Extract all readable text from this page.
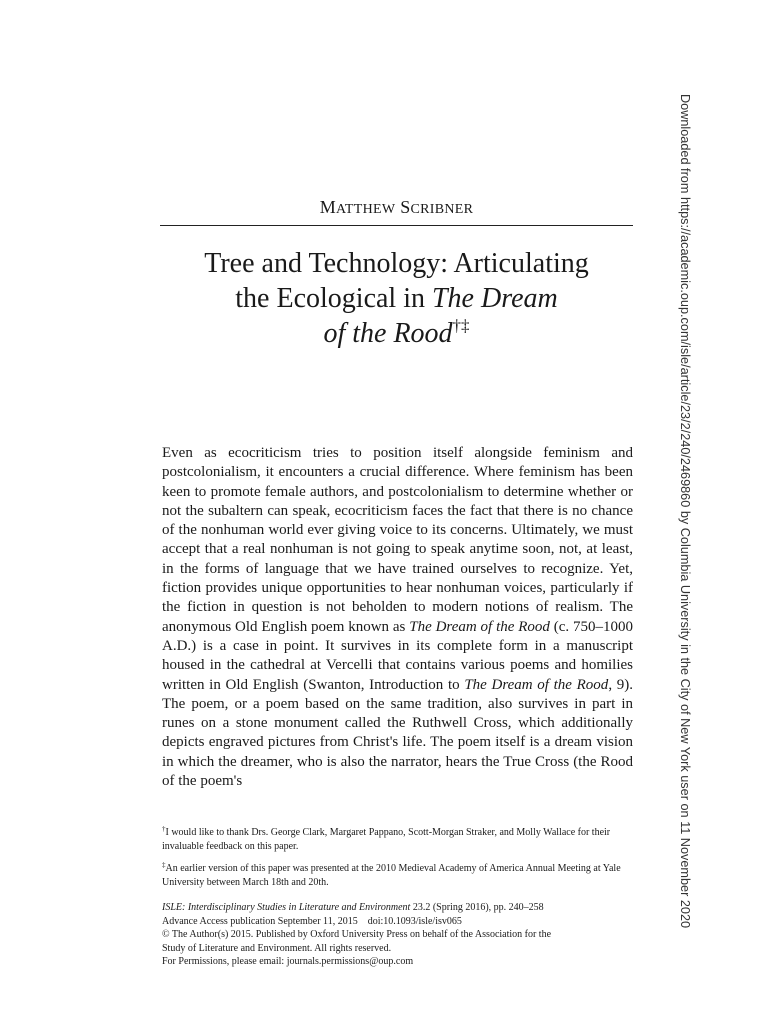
MATTHEW SCRIBNER
Tree and Technology: Articulating
the Ecological in The Dream
of the Rood†‡
Even as ecocriticism tries to position itself alongside feminism and postcolonialism, it encounters a crucial difference. Where feminism has been keen to promote female authors, and postcolonialism to determine whether or not the subaltern can speak, ecocriticism faces the fact that there is no chance of the nonhuman world ever giving voice to its concerns. Ultimately, we must accept that a real nonhuman is not going to speak anytime soon, not, at least, in the forms of language that we have trained ourselves to recognize. Yet, fiction provides unique opportunities to hear nonhuman voices, particularly if the fiction in question is not beholden to modern notions of realism. The anonymous Old English poem known as The Dream of the Rood (c. 750–1000 A.D.) is a case in point. It survives in its complete form in a manuscript housed in the cathedral at Vercelli that contains various poems and homilies written in Old English (Swanton, Introduction to The Dream of the Rood, 9). The poem, or a poem based on the same tradition, also survives in part in runes on a stone monument called the Ruthwell Cross, which additionally depicts engraved pictures from Christ's life. The poem itself is a dream vision in which the dreamer, who is also the narrator, hears the True Cross (the Rood of the poem's
†I would like to thank Drs. George Clark, Margaret Pappano, Scott-Morgan Straker, and Molly Wallace for their invaluable feedback on this paper.
‡An earlier version of this paper was presented at the 2010 Medieval Academy of America Annual Meeting at Yale University between March 18th and 20th.
ISLE: Interdisciplinary Studies in Literature and Environment 23.2 (Spring 2016), pp. 240–258
Advance Access publication September 11, 2015    doi:10.1093/isle/isv065
© The Author(s) 2015. Published by Oxford University Press on behalf of the Association for the
Study of Literature and Environment. All rights reserved.
For Permissions, please email: journals.permissions@oup.com
Downloaded from https://academic.oup.com/isle/article/23/2/240/2469860 by Columbia University in the City of New York user on 11 November 2020
